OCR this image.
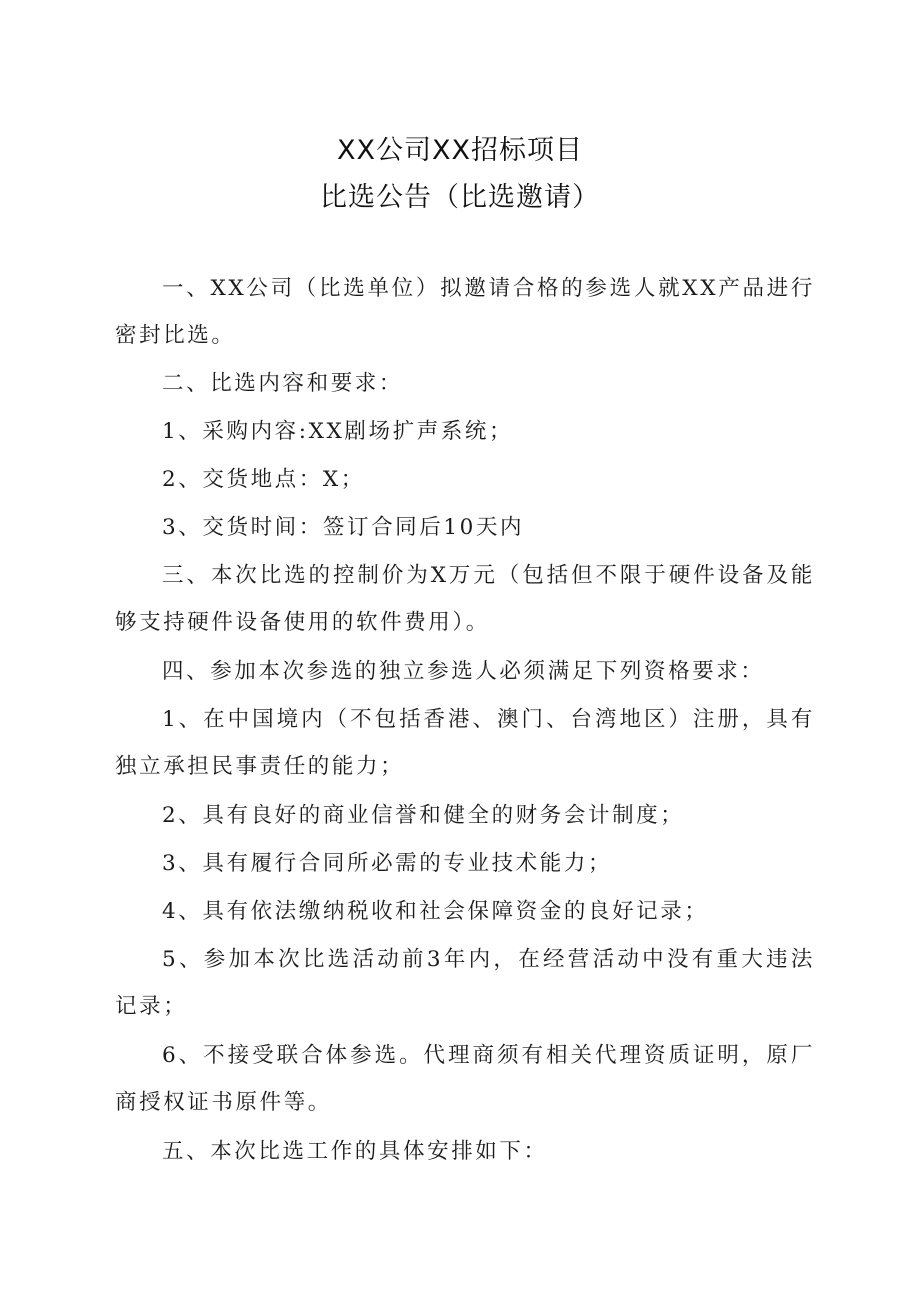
XX公司XX招标项目
比选公告（比选邀请）
一、XX公司（比选单位）拟邀请合格的参选人就XX产品进行密封比选。
二、比选内容和要求：
1、采购内容:XX剧场扩声系统；
2、交货地点：X；
3、交货时间：签订合同后10天内
三、本次比选的控制价为X万元（包括但不限于硬件设备及能够支持硬件设备使用的软件费用）。
四、参加本次参选的独立参选人必须满足下列资格要求：
1、在中国境内（不包括香港、澳门、台湾地区）注册，具有独立承担民事责任的能力；
2、具有良好的商业信誉和健全的财务会计制度；
3、具有履行合同所必需的专业技术能力；
4、具有依法缴纳税收和社会保障资金的良好记录；
5、参加本次比选活动前3年内，在经营活动中没有重大违法记录；
6、不接受联合体参选。代理商须有相关代理资质证明，原厂商授权证书原件等。
五、本次比选工作的具体安排如下：
